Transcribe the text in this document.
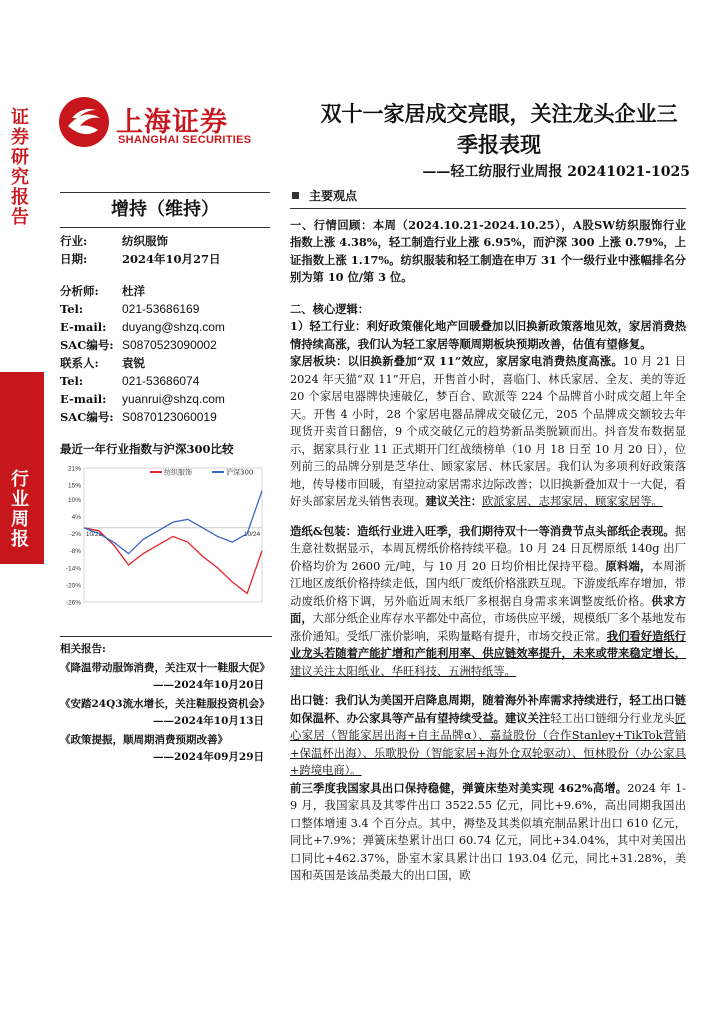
证
券
研
究
报
告
行
业
周
报
上海证券
SHANGHAI SECURITIES
双十一家居成交亮眼，关注龙头企业三
季报表现
——轻工纺服行业周报 20241021-1025
增持（维持）
行业:	纺织服饰
日期:	2024年10月27日
分析师:	杜洋
Tel:	021-53686169
E-mail:	duyang@shzq.com
SAC编号: S0870523090002
联系人:	袁锐
Tel:	021-53686074
E-mail:	yuanrui@shzq.com
SAC编号: S0870123060019
最近一年行业指数与沪深300比较
21%
15%
10%
4%
-2%
-8%
-14%
-20%
-26%
10/23	10/24
纺织服饰	沪深300
相关报告:
《降温带动服饰消费，关注双十一鞋服大促》
——2024年10月20日
《安踏24Q3流水增长，关注鞋服投资机会》
——2024年10月13日
《政策提振，顺周期消费预期改善》
——2024年09月29日
主要观点

一、行情回顾：本周（2024.10.21-2024.10.25），A股SW纺织服饰行业指数上涨 4.38%，轻工制造行业上涨 6.95%，而沪深 300 上涨 0.79%，上证指数上涨 1.17%。纺织服装和轻工制造在申万 31 个一级行业中涨幅排名分别为第 10 位/第 3 位。

二、核心逻辑：

1）轻工行业：利好政策催化地产回暖叠加以旧换新政策落地见效，家居消费热情持续高涨，我们认为轻工家居等顺周期板块预期改善，估值有望修复。

家居板块：以旧换新叠加“双 11”效应，家居家电消费热度高涨。10 月 21 日 2024 年天猫“双 11”开启，开售首小时，喜临门、林氏家居、全友、美的等近 20 个家居电器牌快速破亿，梦百合、欧派等 224 个品牌首小时成交超上年全天。开售 4 小时，28 个家居电器品牌成交破亿元，205 个品牌成交额较去年现货开卖首日翻倍，9 个成交破亿元的趋势新品类脱颖而出。抖音发布数据显示，据家具行业 11 正式期开门红战绩榜单（10 月 18 日至 10 月 20 日），位列前三的品牌分别是芝华仕、顾家家居、林氏家居。我们认为多项利好政策落地，传导楼市回暖，有望拉动家居需求边际改善；以旧换新叠加双十一大促，看好头部家居龙头销售表现。建议关注：欧派家居、志邦家居、顾家家居等。

造纸&包装：造纸行业进入旺季，我们期待双十一等消费节点头部纸企表现。据生意社数据显示，本周瓦楞纸价格持续平稳。10 月 24 日瓦楞原纸 140g 出厂价格均价为 2600 元/吨，与 10 月 20 日均价相比保持平稳。原料端，本周浙江地区废纸价格持续走低，国内纸厂废纸价格涨跌互现。下游废纸库存增加，带动废纸价格下调，另外临近周末纸厂多根据自身需求来调整废纸价格。供求方面，大部分纸企业库存水平都处中高位，市场供应平缓，规模纸厂多个基地发布涨价通知。受纸厂涨价影响，采购量略有提升，市场交投正常。我们看好造纸行业龙头若随着产能扩增和产能利用率、供应链效率提升，未来或带来稳定增长，建议关注太阳纸业、华旺科技、五洲特纸等。

出口链：我们认为美国开启降息周期，随着海外补库需求持续进行，轻工出口链如保温杯、办公家具等产品有望持续受益。建议关注轻工出口链细分行业龙头匠心家居（智能家居出海+自主品牌α）、嘉益股份（合作Stanley+TikTok营销+保温杯出海）、乐歌股份（智能家居+海外仓双轮驱动）、恒林股份（办公家具+跨境电商）。

前三季度我国家具出口保持稳健，弹簧床垫对美实现 462%高增。2024 年 1-9 月，我国家具及其零件出口 3522.55 亿元，同比+9.6%，高出同期我国出口整体增速 3.4 个百分点。其中，褥垫及其类似填充制品累计出口 610 亿元，同比+7.9%；弹簧床垫累计出口 60.74 亿元，同比+34.04%，其中对美国出口同比+462.37%，卧室木家具累计出口 193.04 亿元，同比+31.28%，美国和英国是该品类最大的出口国，欧
